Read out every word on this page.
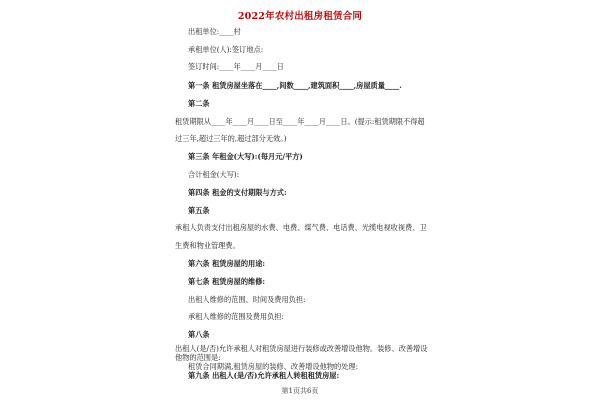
2022年农村出租房租赁合同
出租单位:____村
承租单位(人):签订地点:
签订时间:____年____月____日
第一条 租赁房屋坐落在____,间数____,建筑面积____,房屋质量____.
第二条
租赁期限从____年____月____日至____年____月____日。(提示:租赁期限不得超
过三年,超过三年的,超过部分无效。)
第三条 年租金(大写):(每月元/平方)
合计租金(大写):
第四条 租金的支付期限与方式:
第五条
承租人负责支付出租房屋的水费、电费、煤气费、电话费、光缆电视收视费、卫
生费和物业管理费。
第六条 租赁房屋的用途:
第七条 租赁房屋的维修:
出租人维修的范围、时间及费用负担:
承租人维修的范围及费用负担:
第八条
出租人(是/否)允许承租人对租赁房屋进行装修或改善增设他物。装修、改善增设
他物的范围是:
租赁合同期满,租赁房屋的装修、改善增设他物的处理:
第九条 出租人(是/否)允许承租人转租租赁房屋:
第1页共6页
